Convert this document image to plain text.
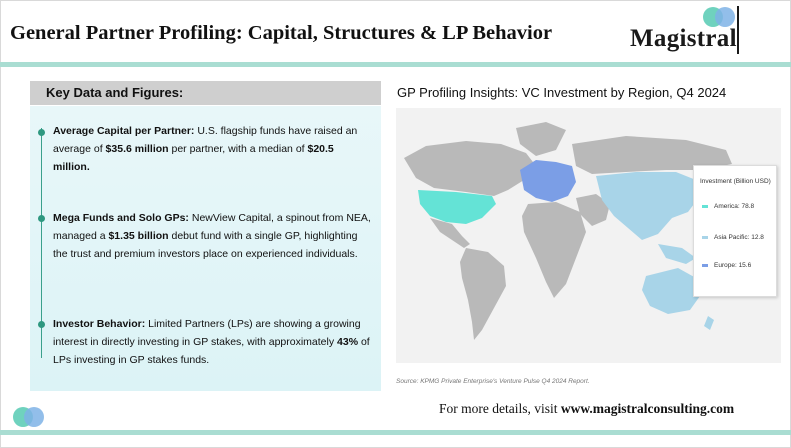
General Partner Profiling: Capital, Structures & LP Behavior	Magistral
Key Data and Figures:
Average Capital per Partner: U.S. flagship funds have raised an average of $35.6 million per partner, with a median of $20.5 million.
Mega Funds and Solo GPs: NewView Capital, a spinout from NEA, managed a $1.35 billion debut fund with a single GP, highlighting the trust and premium investors place on experienced individuals.
Investor Behavior: Limited Partners (LPs) are showing a growing interest in directly investing in GP stakes, with approximately 43% of LPs investing in GP stakes funds.
GP Profiling Insights: VC Investment by Region, Q4 2024
Investment (Billion USD)
America: 78.8
Asia Pacific: 12.8
Europe: 15.6
Source: KPMG Private Enterprise's Venture Pulse Q4 2024 Report.
For more details, visit www.magistralconsulting.com
